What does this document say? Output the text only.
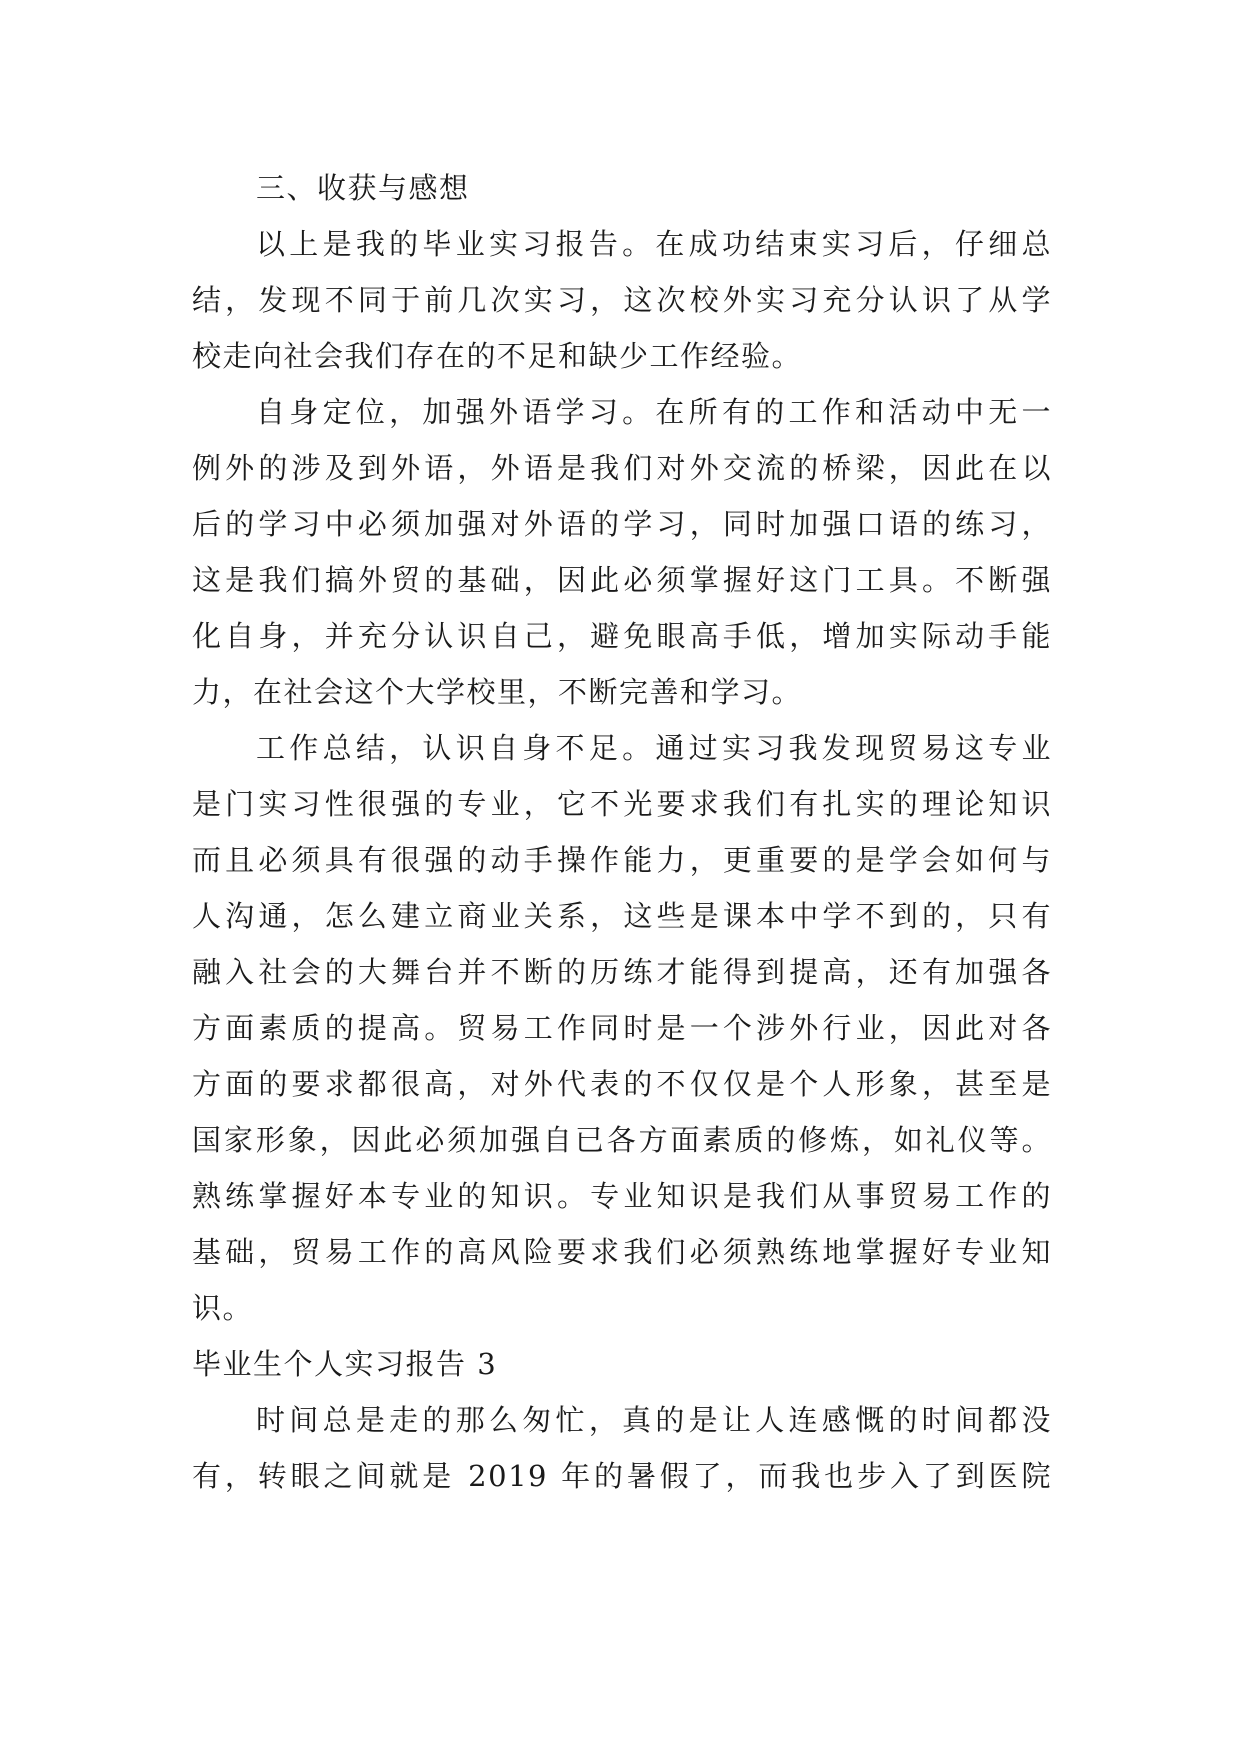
三、收获与感想
以上是我的毕业实习报告。在成功结束实习后，仔细总
结，发现不同于前几次实习，这次校外实习充分认识了从学
校走向社会我们存在的不足和缺少工作经验。
自身定位，加强外语学习。在所有的工作和活动中无一
例外的涉及到外语，外语是我们对外交流的桥梁，因此在以
后的学习中必须加强对外语的学习，同时加强口语的练习，
这是我们搞外贸的基础，因此必须掌握好这门工具。不断强
化自身，并充分认识自己，避免眼高手低，增加实际动手能
力，在社会这个大学校里，不断完善和学习。
工作总结，认识自身不足。通过实习我发现贸易这专业
是门实习性很强的专业，它不光要求我们有扎实的理论知识
而且必须具有很强的动手操作能力，更重要的是学会如何与
人沟通，怎么建立商业关系，这些是课本中学不到的，只有
融入社会的大舞台并不断的历练才能得到提高，还有加强各
方面素质的提高。贸易工作同时是一个涉外行业，因此对各
方面的要求都很高，对外代表的不仅仅是个人形象，甚至是
国家形象，因此必须加强自已各方面素质的修炼，如礼仪等。
熟练掌握好本专业的知识。专业知识是我们从事贸易工作的
基础，贸易工作的高风险要求我们必须熟练地掌握好专业知
识。
毕业生个人实习报告 3
时间总是走的那么匆忙，真的是让人连感慨的时间都没
有，转眼之间就是 2019 年的暑假了，而我也步入了到医院
